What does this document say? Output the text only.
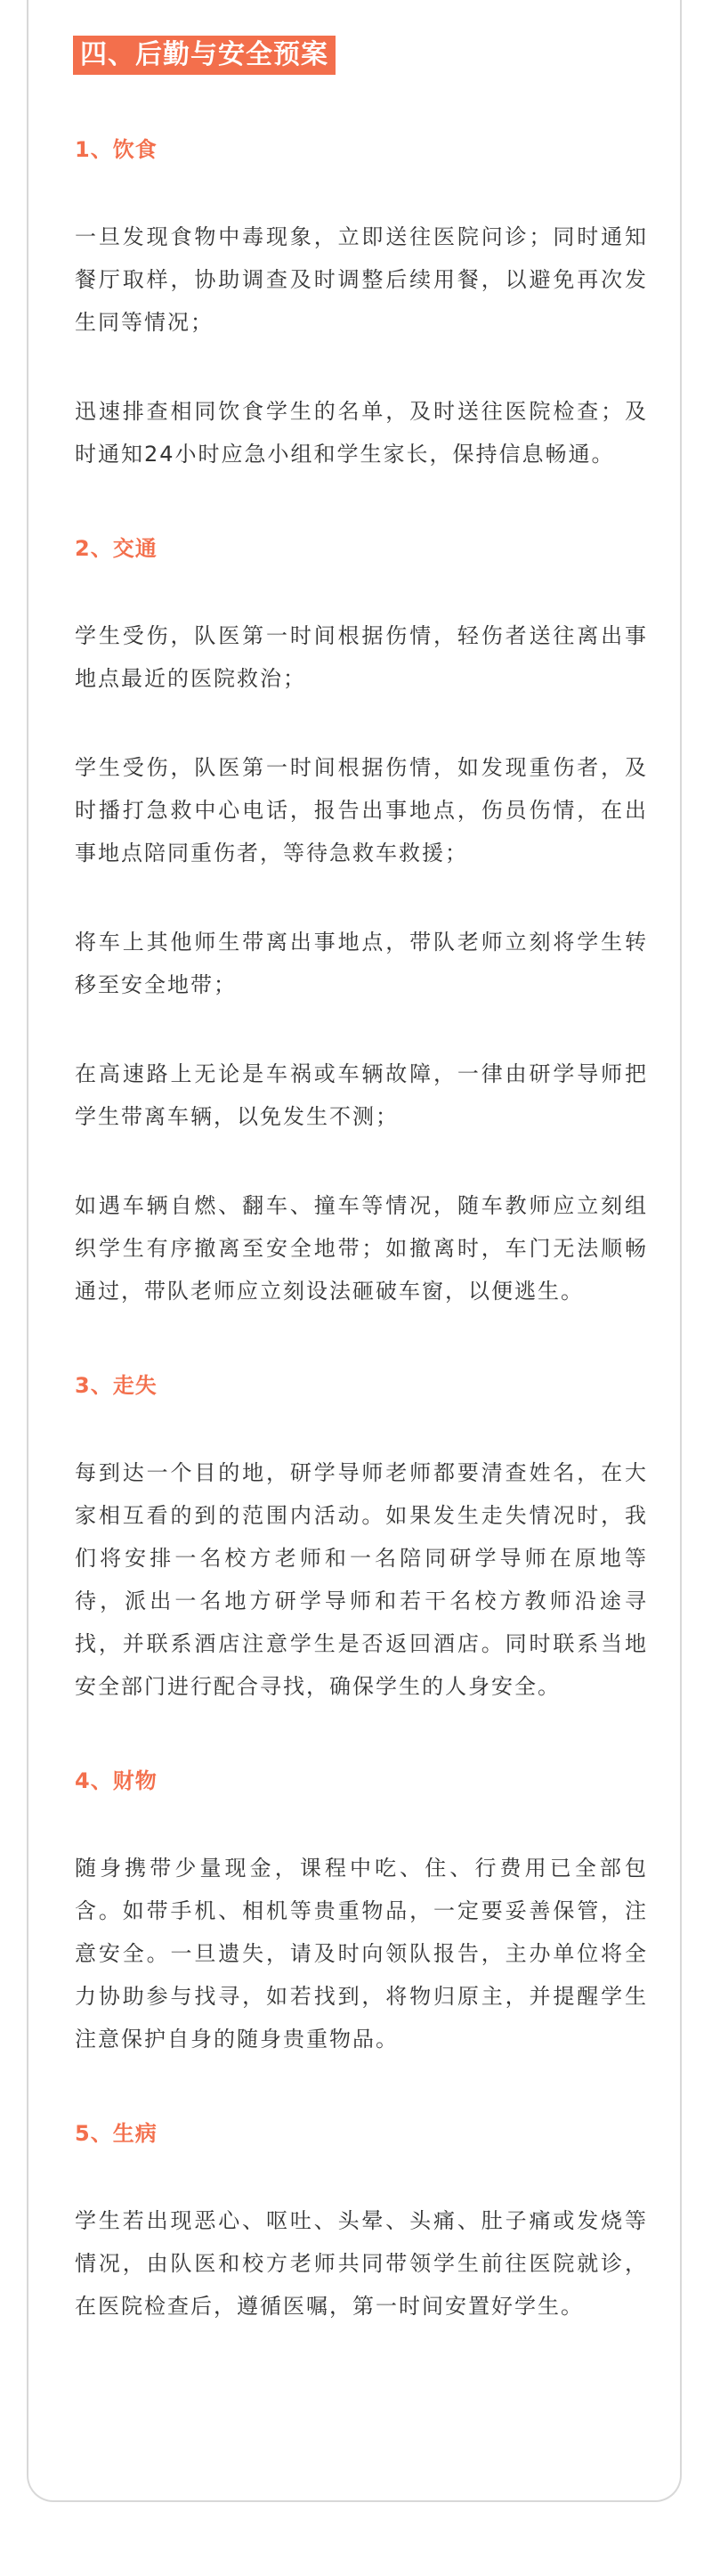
四、后勤与安全预案
1、饮食

一旦发现食物中毒现象，立即送往医院问诊；同时通知餐厅取样，协助调查及时调整后续用餐，以避免再次发生同等情况；

迅速排查相同饮食学生的名单，及时送往医院检查；及时通知24小时应急小组和学生家长，保持信息畅通。

2、交通

学生受伤，队医第一时间根据伤情，轻伤者送往离出事地点最近的医院救治；

学生受伤，队医第一时间根据伤情，如发现重伤者，及时播打急救中心电话，报告出事地点，伤员伤情，在出事地点陪同重伤者，等待急救车救援；

将车上其他师生带离出事地点，带队老师立刻将学生转移至安全地带；

在高速路上无论是车祸或车辆故障，一律由研学导师把学生带离车辆，以免发生不测；

如遇车辆自燃、翻车、撞车等情况，随车教师应立刻组织学生有序撤离至安全地带；如撤离时，车门无法顺畅通过，带队老师应立刻设法砸破车窗，以便逃生。

3、走失

每到达一个目的地，研学导师老师都要清查姓名，在大家相互看的到的范围内活动。如果发生走失情况时，我们将安排一名校方老师和一名陪同研学导师在原地等待，派出一名地方研学导师和若干名校方教师沿途寻找，并联系酒店注意学生是否返回酒店。同时联系当地安全部门进行配合寻找，确保学生的人身安全。

4、财物

随身携带少量现金，课程中吃、住、行费用已全部包含。如带手机、相机等贵重物品，一定要妥善保管，注意安全。一旦遗失，请及时向领队报告，主办单位将全力协助参与找寻，如若找到，将物归原主，并提醒学生注意保护自身的随身贵重物品。

5、生病

学生若出现恶心、呕吐、头晕、头痛、肚子痛或发烧等情况，由队医和校方老师共同带领学生前往医院就诊，在医院检查后，遵循医嘱，第一时间安置好学生。
